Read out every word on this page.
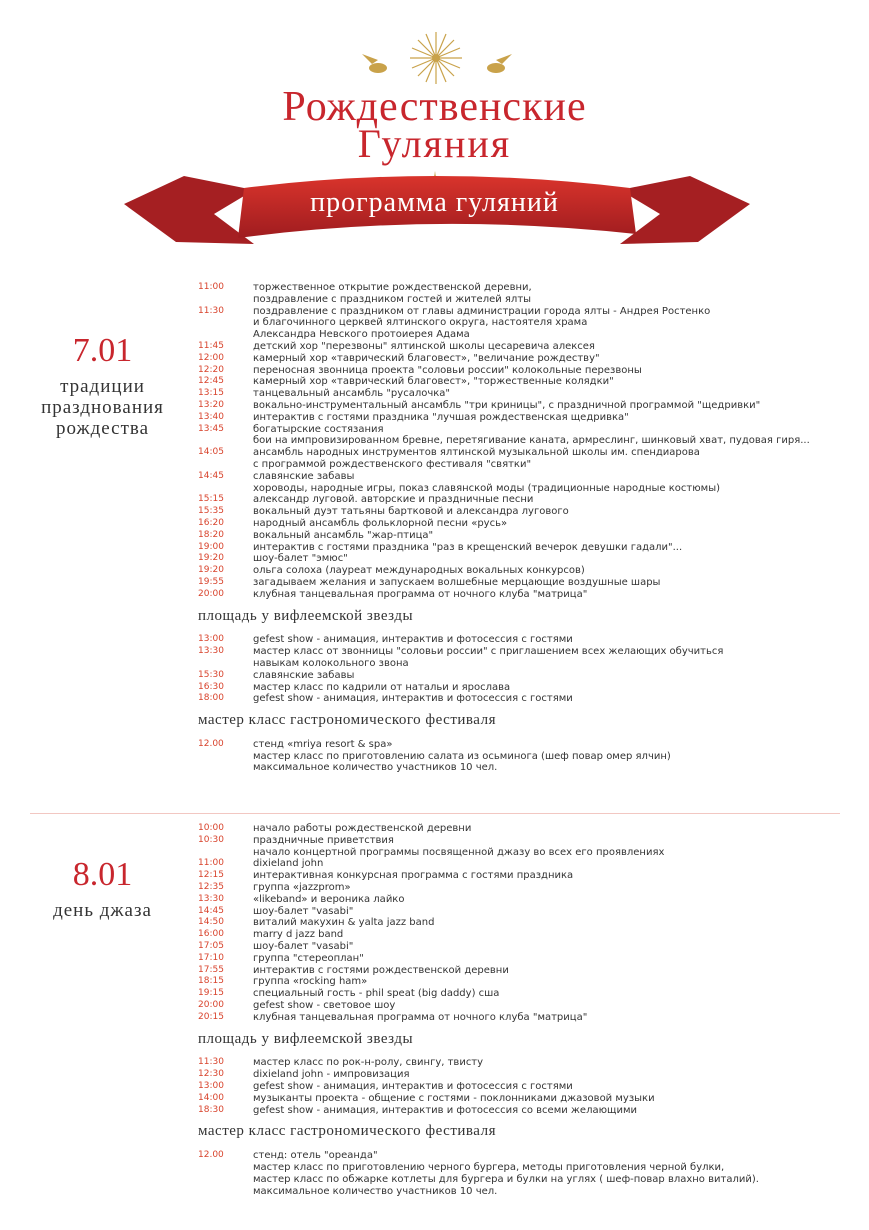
Рождественские
Гуляния
программа гуляний
7.01
традиции
празднования
рождества
11:00	торжественное открытие рождественской деревни,
поздравление с праздником гостей и жителей ялты
11:30	поздравление с праздником от главы администрации города ялты - Андрея Ростенко
и благочинного церквей ялтинского округа, настоятеля храма
Александра Невского протоиерея Адама
11:45	детский хор "перезвоны" ялтинской школы цесаревича алексея
12:00	камерный хор «таврический благовест», "величание рождеству"
12:20	переносная звонница проекта "соловьи россии" колокольные перезвоны
12:45	камерный хор «таврический благовест», "торжественные колядки"
13:15	танцевальный ансамбль "русалочка"
13:20	вокально-инструментальный ансамбль "три криницы", с праздничной программой "щедривки"
13:40	интерактив с гостями праздника "лучшая рождественская щедривка"
13:45	богатырские состязания
бои на импровизированном бревне, перетягивание каната, армреслинг, шинковый хват, пудовая гиря...
14:05	ансамбль народных инструментов ялтинской музыкальной школы им. спендиарова
с программой рождественского фестиваля "святки"
14:45	славянские забавы
хороводы, народные игры, показ славянской моды (традиционные народные костюмы)
15:15	александр луговой. авторские и праздничные песни
15:35	вокальный дуэт татьяны бартковой и александра лугового
16:20	народный ансамбль фольклорной песни «русь»
18:20	вокальный ансамбль "жар-птица"
19:00	интерактив с гостями праздника "раз в крещенский вечерок девушки гадали"...
19:20	шоу-балет "эмюс"
19:20	ольга солоха (лауреат международных вокальных конкурсов)
19:55	загадываем желания и запускаем волшебные мерцающие воздушные шары
20:00	клубная танцевальная программа от ночного клуба "матрица"
площадь у вифлеемской звезды
13:00	gefest show - анимация, интерактив и фотосессия с гостями
13:30	мастер класс от звонницы "соловьи россии" с приглашением всех желающих обучиться
навыкам колокольного звона
15:30	славянские забавы
16:30	мастер класс по кадрили от натальи и ярослава
18:00	gefest show - анимация, интерактив и фотосессия с гостями
мастер класс гастрономического фестиваля
12.00	стенд «mriya resort & spa»
мастер класс по приготовлению салата из осьминога (шеф повар омер ялчин)
максимальное количество участников 10 чел.
8.01
день джаза
10:00	начало работы рождественской деревни
10:30	праздничные приветствия
начало концертной программы посвященной джазу во всех его проявлениях
11:00	dixieland john
12:15	интерактивная конкурсная программа с гостями праздника
12:35	группа «jazzprom»
13:30	«likeband» и вероника лайко
14:45	шоу-балет "vasabi"
14:50	виталий макухин & yalta jazz band
16:00	marry d jazz band
17:05	шоу-балет "vasabi"
17:10	группа "стереоплан"
17:55	интерактив с гостями рождественской деревни
18:15	группа «rocking ham»
19:15	специальный гость - phil speat (big daddy) сша
20:00	gefest show - световое шоу
20:15	клубная танцевальная программа от ночного клуба "матрица"
площадь у вифлеемской звезды
11:30	мастер класс по рок-н-ролу, свингу, твисту
12:30	dixieland john - импровизация
13:00	gefest show - анимация, интерактив и фотосессия с гостями
14:00	музыканты проекта - общение с гостями - поклонниками джазовой музыки
18:30	gefest show - анимация, интерактив и фотосессия со всеми желающими
мастер класс гастрономического фестиваля
12.00	стенд: отель "ореанда"
мастер класс по приготовлению черного бургера, методы приготовления черной булки,
мастер класс по обжарке котлеты для бургера и булки на углях ( шеф-повар влахно виталий).
максимальное количество участников 10 чел.
